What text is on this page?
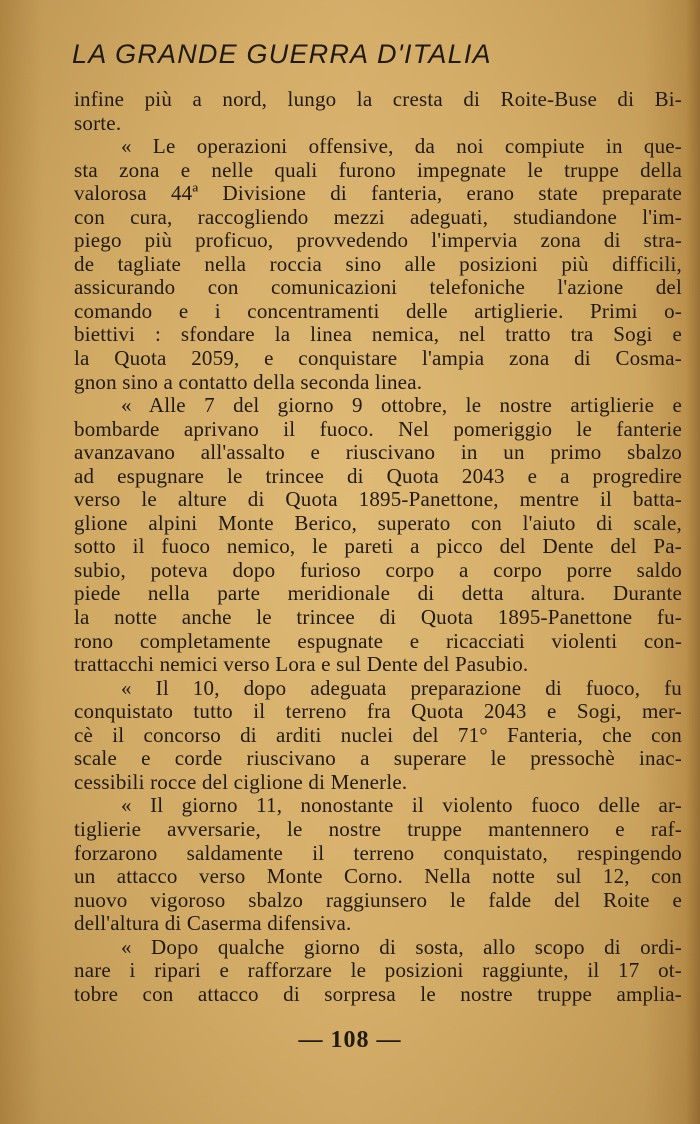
LA GRANDE GUERRA D'ITALIA

infine più a nord, lungo la cresta di Roite-Buse di Bi-

sorte.

« Le operazioni offensive, da noi compiute in que-

sta zona e nelle quali furono impegnate le truppe della

valorosa 44ª Divisione di fanteria, erano state preparate

con cura, raccogliendo mezzi adeguati, studiandone l'im-

piego più proficuo, provvedendo l'impervia zona di stra-

de tagliate nella roccia sino alle posizioni più difficili,

assicurando con comunicazioni telefoniche l'azione del

comando e i concentramenti delle artiglierie. Primi o-

biettivi : sfondare la linea nemica, nel tratto tra Sogi e

la Quota 2059, e conquistare l'ampia zona di Cosma-

gnon sino a contatto della seconda linea.

« Alle 7 del giorno 9 ottobre, le nostre artiglierie e

bombarde aprivano il fuoco. Nel pomeriggio le fanterie

avanzavano all'assalto e riuscivano in un primo sbalzo

ad espugnare le trincee di Quota 2043 e a progredire

verso le alture di Quota 1895-Panettone, mentre il batta-

glione alpini Monte Berico, superato con l'aiuto di scale,

sotto il fuoco nemico, le pareti a picco del Dente del Pa-

subio, poteva dopo furioso corpo a corpo porre saldo

piede nella parte meridionale di detta altura. Durante

la notte anche le trincee di Quota 1895-Panettone fu-

rono completamente espugnate e ricacciati violenti con-

trattacchi nemici verso Lora e sul Dente del Pasubio.

« Il 10, dopo adeguata preparazione di fuoco, fu

conquistato tutto il terreno fra Quota 2043 e Sogi, mer-

cè il concorso di arditi nuclei del 71° Fanteria, che con

scale e corde riuscivano a superare le pressochè inac-

cessibili rocce del ciglione di Menerle.

« Il giorno 11, nonostante il violento fuoco delle ar-

tiglierie avversarie, le nostre truppe mantennero e raf-

forzarono saldamente il terreno conquistato, respingendo

un attacco verso Monte Corno. Nella notte sul 12, con

nuovo vigoroso sbalzo raggiunsero le falde del Roite e

dell'altura di Caserma difensiva.

« Dopo qualche giorno di sosta, allo scopo di ordi-

nare i ripari e rafforzare le posizioni raggiunte, il 17 ot-

tobre con attacco di sorpresa le nostre truppe amplia-

— 108 —
